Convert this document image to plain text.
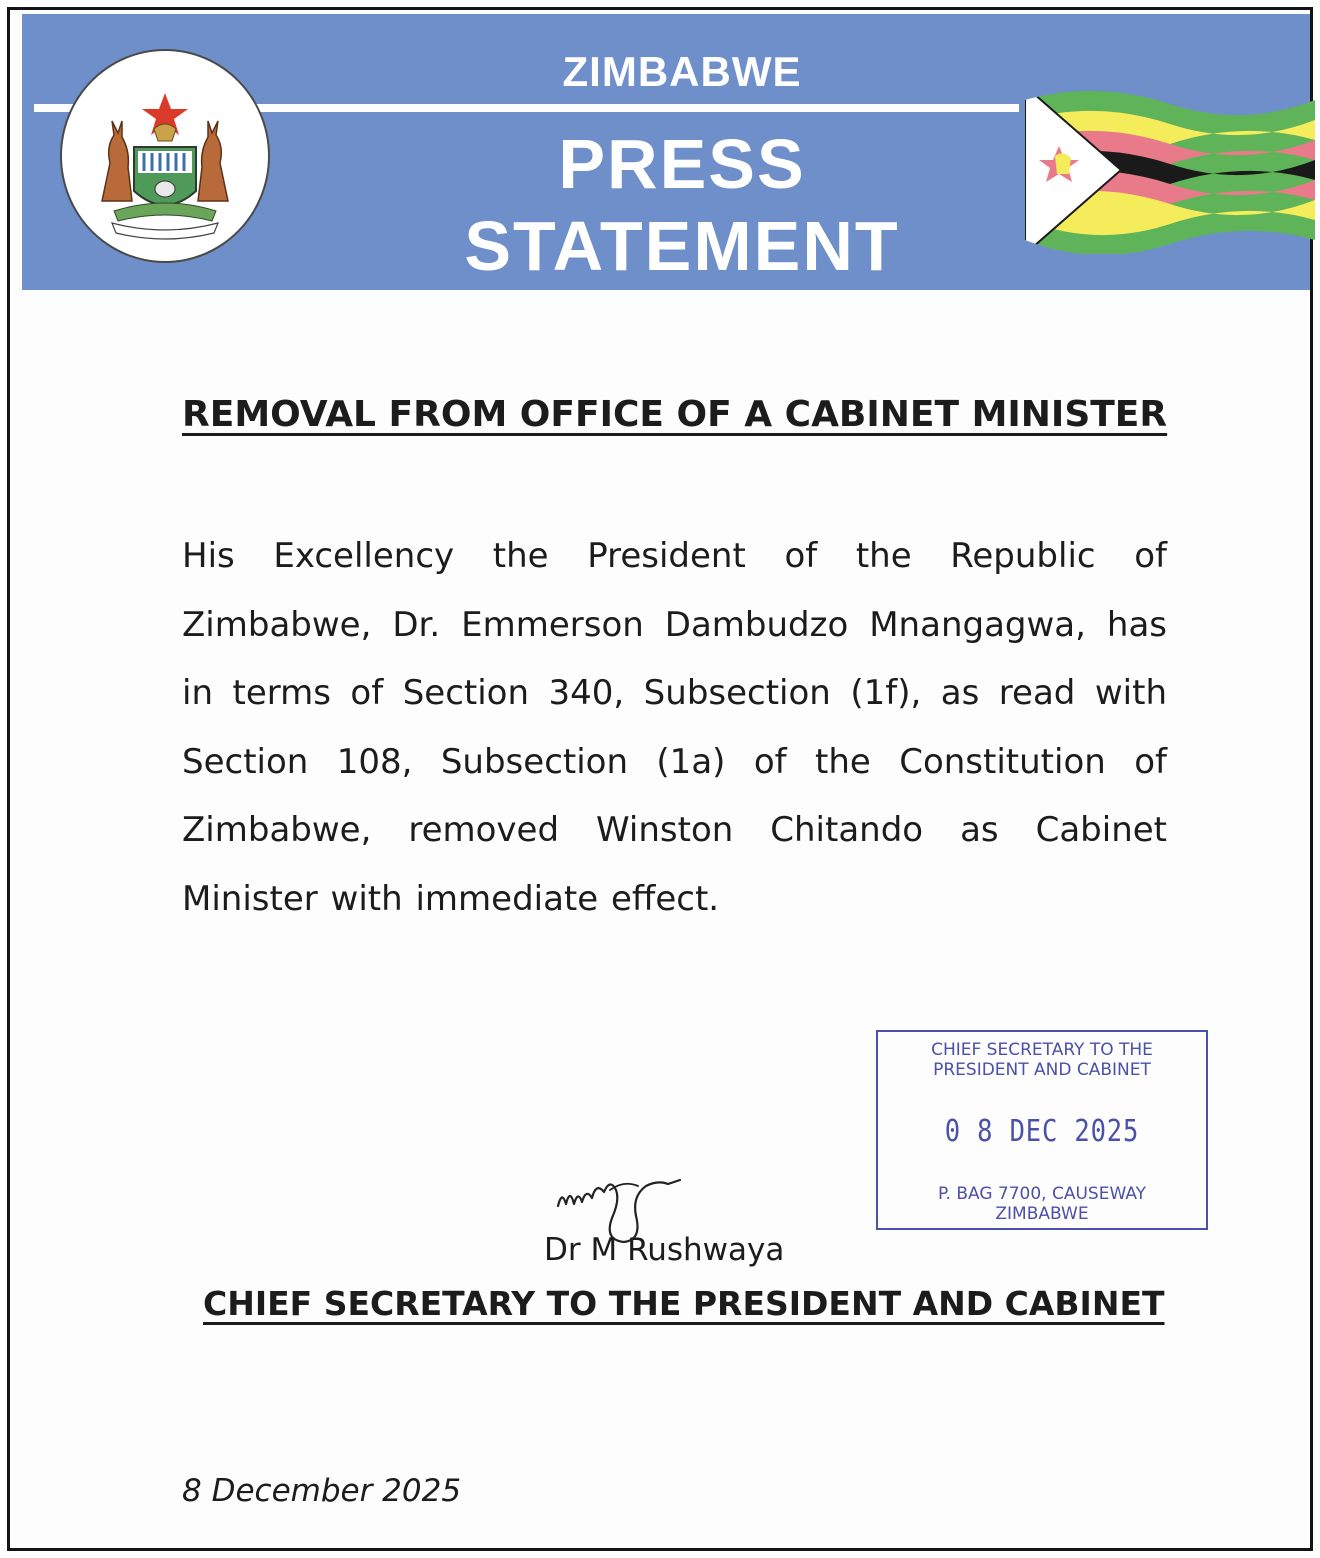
ZIMBABWE
PRESS
STATEMENT
REMOVAL FROM OFFICE OF A CABINET MINISTER
His Excellency the President of the Republic of Zimbabwe, Dr. Emmerson Dambudzo Mnangagwa, has in terms of Section 340, Subsection (1f), as read with Section 108, Subsection (1a) of the Constitution of Zimbabwe, removed Winston Chitando as Cabinet Minister with immediate effect.
CHIEF SECRETARY TO THE
PRESIDENT AND CABINET
0 8 DEC 2025
P. BAG 7700, CAUSEWAY
ZIMBABWE
Dr M Rushwaya
CHIEF SECRETARY TO THE PRESIDENT AND CABINET
8 December 2025
